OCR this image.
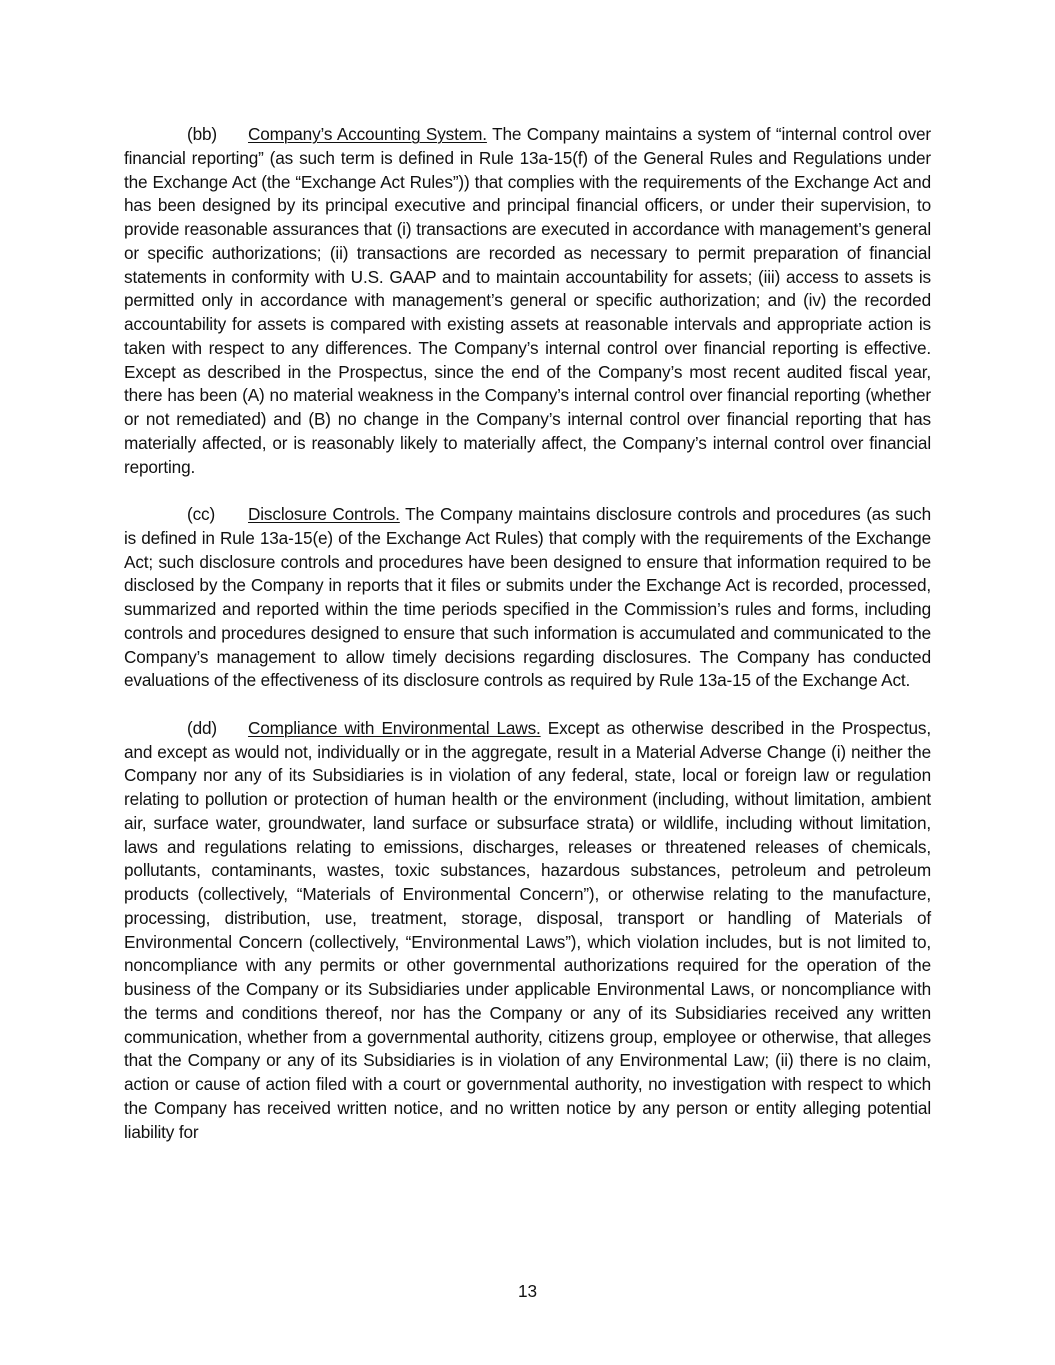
(bb) Company’s Accounting System. The Company maintains a system of “internal control over financial reporting” (as such term is defined in Rule 13a-15(f) of the General Rules and Regulations under the Exchange Act (the “Exchange Act Rules”)) that complies with the requirements of the Exchange Act and has been designed by its principal executive and principal financial officers, or under their supervision, to provide reasonable assurances that (i) transactions are executed in accordance with management’s general or specific authorizations; (ii) transactions are recorded as necessary to permit preparation of financial statements in conformity with U.S. GAAP and to maintain accountability for assets; (iii) access to assets is permitted only in accordance with management’s general or specific authorization; and (iv) the recorded accountability for assets is compared with existing assets at reasonable intervals and appropriate action is taken with respect to any differences. The Company’s internal control over financial reporting is effective. Except as described in the Prospectus, since the end of the Company’s most recent audited fiscal year, there has been (A) no material weakness in the Company’s internal control over financial reporting (whether or not remediated) and (B) no change in the Company’s internal control over financial reporting that has materially affected, or is reasonably likely to materially affect, the Company’s internal control over financial reporting.

(cc) Disclosure Controls. The Company maintains disclosure controls and procedures (as such is defined in Rule 13a-15(e) of the Exchange Act Rules) that comply with the requirements of the Exchange Act; such disclosure controls and procedures have been designed to ensure that information required to be disclosed by the Company in reports that it files or submits under the Exchange Act is recorded, processed, summarized and reported within the time periods specified in the Commission’s rules and forms, including controls and procedures designed to ensure that such information is accumulated and communicated to the Company’s management to allow timely decisions regarding disclosures. The Company has conducted evaluations of the effectiveness of its disclosure controls as required by Rule 13a-15 of the Exchange Act.

(dd) Compliance with Environmental Laws. Except as otherwise described in the Prospectus, and except as would not, individually or in the aggregate, result in a Material Adverse Change (i) neither the Company nor any of its Subsidiaries is in violation of any federal, state, local or foreign law or regulation relating to pollution or protection of human health or the environment (including, without limitation, ambient air, surface water, groundwater, land surface or subsurface strata) or wildlife, including without limitation, laws and regulations relating to emissions, discharges, releases or threatened releases of chemicals, pollutants, contaminants, wastes, toxic substances, hazardous substances, petroleum and petroleum products (collectively, “Materials of Environmental Concern”), or otherwise relating to the manufacture, processing, distribution, use, treatment, storage, disposal, transport or handling of Materials of Environmental Concern (collectively, “Environmental Laws”), which violation includes, but is not limited to, noncompliance with any permits or other governmental authorizations required for the operation of the business of the Company or its Subsidiaries under applicable Environmental Laws, or noncompliance with the terms and conditions thereof, nor has the Company or any of its Subsidiaries received any written communication, whether from a governmental authority, citizens group, employee or otherwise, that alleges that the Company or any of its Subsidiaries is in violation of any Environmental Law; (ii) there is no claim, action or cause of action filed with a court or governmental authority, no investigation with respect to which the Company has received written notice, and no written notice by any person or entity alleging potential liability for

13
